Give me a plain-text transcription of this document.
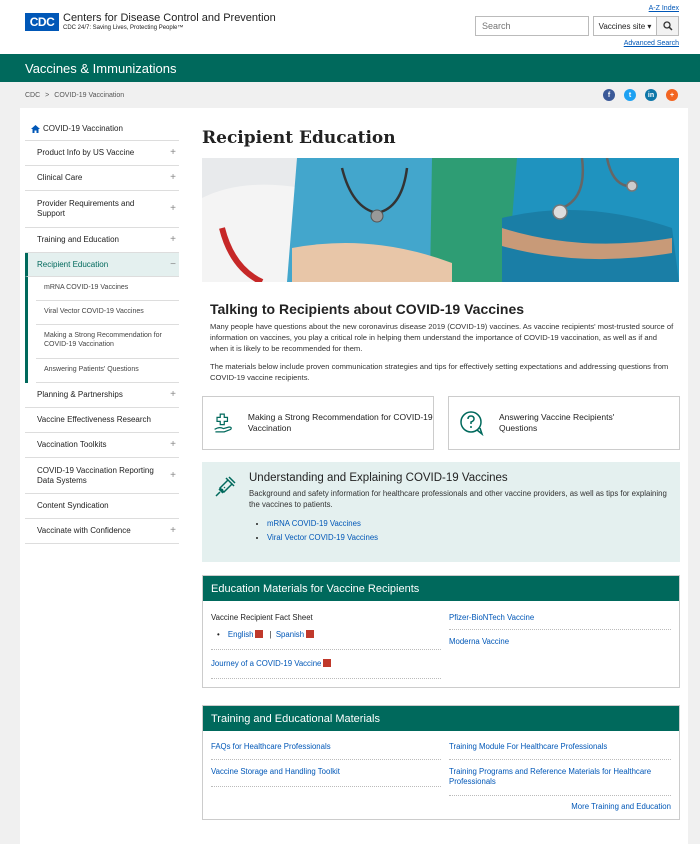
CDC Centers for Disease Control and Prevention
CDC 24/7: Saving Lives, Protecting People™
A-Z Index
Search
Vaccines site ▾
Advanced Search
Vaccines & Immunizations
CDC > COVID-19 Vaccination	f	t	in	+
COVID-19 Vaccination
Product Info by US Vaccine	+
Clinical Care	+
Provider Requirements and Support	+
Training and Education	+
Recipient Education	−
mRNA COVID-19 Vaccines
Viral Vector COVID-19 Vaccines
Making a Strong Recommendation for COVID-19 Vaccination
Answering Patients' Questions
Planning & Partnerships	+
Vaccine Effectiveness Research
Vaccination Toolkits	+
COVID-19 Vaccination Reporting Data Systems	+
Content Syndication
Vaccinate with Confidence	+
Recipient Education
Talking to Recipients about COVID-19 Vaccines

Many people have questions about the new coronavirus disease 2019 (COVID-19) vaccines. As vaccine recipients' most-trusted source of information on vaccines, you play a critical role in helping them understand the importance of COVID-19 vaccination, as well as if and when it is likely to be recommended for them.

The materials below include proven communication strategies and tips for effectively setting expectations and addressing questions from COVID-19 vaccine recipients.

Making a Strong Recommendation for COVID-19 Vaccination
Answering Vaccine Recipients' Questions
Understanding and Explaining COVID-19 Vaccines
Background and safety information for healthcare professionals and other vaccine providers, as well as tips for explaining the vaccines to patients.
• mRNA COVID-19 Vaccines
• Viral Vector COVID-19 Vaccines
Education Materials for Vaccine Recipients
Vaccine Recipient Fact Sheet
• English | Spanish
Journey of a COVID-19 Vaccine
Pfizer-BioNTech Vaccine
Moderna Vaccine
Training and Educational Materials
FAQs for Healthcare Professionals
Vaccine Storage and Handling Toolkit
Training Module For Healthcare Professionals
Training Programs and Reference Materials for Healthcare Professionals
More Training and Education
